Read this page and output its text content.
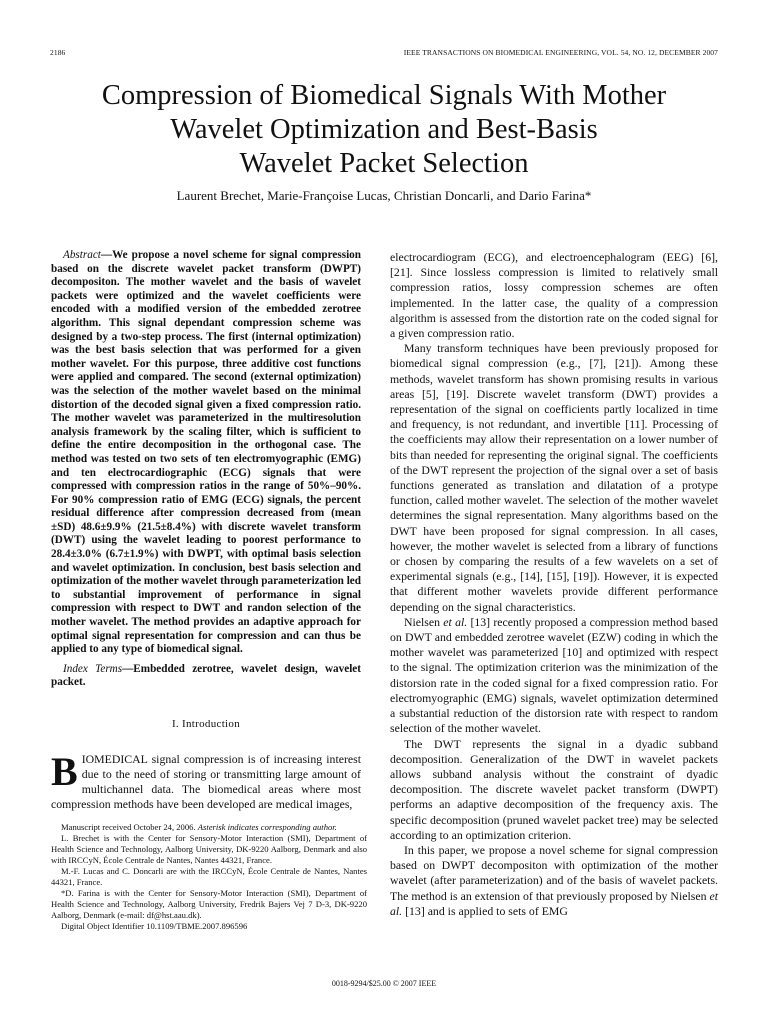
2186	IEEE TRANSACTIONS ON BIOMEDICAL ENGINEERING, VOL. 54, NO. 12, DECEMBER 2007
Compression of Biomedical Signals With Mother
Wavelet Optimization and Best-Basis
Wavelet Packet Selection
Laurent Brechet, Marie-Françoise Lucas, Christian Doncarli, and Dario Farina*

Abstract—We propose a novel scheme for signal compression based on the discrete wavelet packet transform (DWPT) decompositon. The mother wavelet and the basis of wavelet packets were optimized and the wavelet coefficients were encoded with a modified version of the embedded zerotree algorithm. This signal dependant compression scheme was designed by a two-step process. The first (internal optimization) was the best basis selection that was performed for a given mother wavelet. For this purpose, three additive cost functions were applied and compared. The second (external optimization) was the selection of the mother wavelet based on the minimal distortion of the decoded signal given a fixed compression ratio. The mother wavelet was parameterized in the multiresolution analysis framework by the scaling filter, which is sufficient to define the entire decomposition in the orthogonal case. The method was tested on two sets of ten electromyographic (EMG) and ten electrocardiographic (ECG) signals that were compressed with compression ratios in the range of 50%–90%. For 90% compression ratio of EMG (ECG) signals, the percent residual difference after compression decreased from (mean ±SD) 48.6±9.9% (21.5±8.4%) with discrete wavelet transform (DWT) using the wavelet leading to poorest performance to 28.4±3.0% (6.7±1.9%) with DWPT, with optimal basis selection and wavelet optimization. In conclusion, best basis selection and optimization of the mother wavelet through parameterization led to substantial improvement of performance in signal compression with respect to DWT and randon selection of the mother wavelet. The method provides an adaptive approach for optimal signal representation for compression and can thus be applied to any type of biomedical signal.

Index Terms—Embedded zerotree, wavelet design, wavelet packet.

I. Introduction

BIOMEDICAL signal compression is of increasing interest due to the need of storing or transmitting large amount of multichannel data. The biomedical areas where most compression methods have been developed are medical images,

Manuscript received October 24, 2006. Asterisk indicates corresponding author.

L. Brechet is with the Center for Sensory-Motor Interaction (SMI), Department of Health Science and Technology, Aalborg University, DK-9220 Aalborg, Denmark and also with IRCCyN, École Centrale de Nantes, Nantes 44321, France.

M.-F. Lucas and C. Doncarli are with the IRCCyN, École Centrale de Nantes, Nantes 44321, France.

*D. Farina is with the Center for Sensory-Motor Interaction (SMI), Department of Health Science and Technology, Aalborg University, Fredrik Bajers Vej 7 D-3, DK-9220 Aalborg, Denmark (e-mail: df@hst.aau.dk).

Digital Object Identifier 10.1109/TBME.2007.896596

electrocardiogram (ECG), and electroencephalogram (EEG) [6], [21]. Since lossless compression is limited to relatively small compression ratios, lossy compression schemes are often implemented. In the latter case, the quality of a compression algorithm is assessed from the distortion rate on the coded signal for a given compression ratio.

Many transform techniques have been previously proposed for biomedical signal compression (e.g., [7], [21]). Among these methods, wavelet transform has shown promising results in various areas [5], [19]. Discrete wavelet transform (DWT) provides a representation of the signal on coefficients partly localized in time and frequency, is not redundant, and invertible [11]. Processing of the coefficients may allow their representation on a lower number of bits than needed for representing the original signal. The coefficients of the DWT represent the projection of the signal over a set of basis functions generated as translation and dilatation of a protype function, called mother wavelet. The selection of the mother wavelet determines the signal representation. Many algorithms based on the DWT have been proposed for signal compression. In all cases, however, the mother wavelet is selected from a library of functions or chosen by comparing the results of a few wavelets on a set of experimental signals (e.g., [14], [15], [19]). However, it is expected that different mother wavelets provide different performance depending on the signal characteristics.

Nielsen et al. [13] recently proposed a compression method based on DWT and embedded zerotree wavelet (EZW) coding in which the mother wavelet was parameterized [10] and optimized with respect to the signal. The optimization criterion was the minimization of the distorsion rate in the coded signal for a fixed compression ratio. For electromyographic (EMG) signals, wavelet optimization determined a substantial reduction of the distorsion rate with respect to random selection of the mother wavelet.

The DWT represents the signal in a dyadic subband decomposition. Generalization of the DWT in wavelet packets allows subband analysis without the constraint of dyadic decomposition. The discrete wavelet packet transform (DWPT) performs an adaptive decomposition of the frequency axis. The specific decomposition (pruned wavelet packet tree) may be selected according to an optimization criterion.

In this paper, we propose a novel scheme for signal compression based on DWPT decompositon with optimization of the mother wavelet (after parameterization) and of the basis of wavelet packets. The method is an extension of that previously proposed by Nielsen et al. [13] and is applied to sets of EMG

0018-9294/$25.00 © 2007 IEEE
